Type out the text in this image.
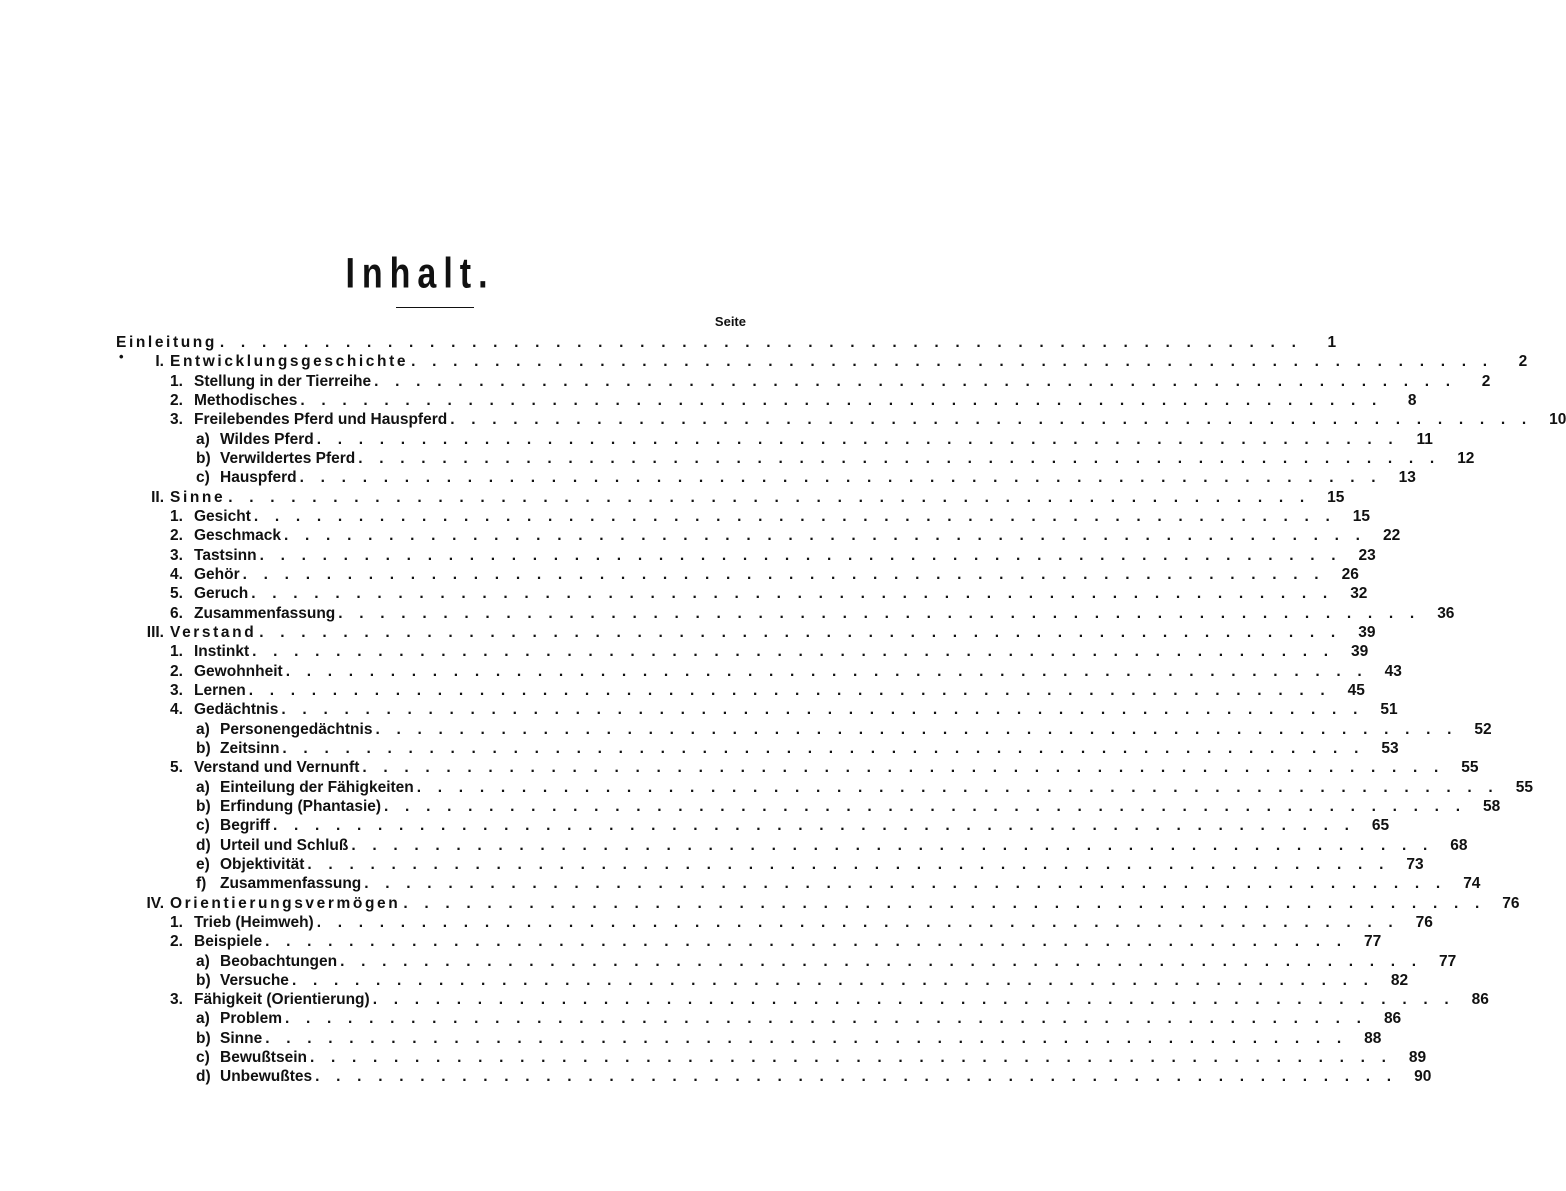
Inhalt.
Seite
•
Einleitung . . . . . . . . . . . . . . . . . . . . . . . . . . . . . . . . . . . . . . . . . . . . . . . . . . . .	1
I. Entwicklungsgeschichte . . . . . . . . . . . . . . . . . . . . . . . . . . . . . . . . . . . . . . . . . . . . . . . . . . . .	2
1. Stellung in der Tierreihe . . . . . . . . . . . . . . . . . . . . . . . . . . . . . . . . . . . . . . . . . . . . . . . . . . . .	2
2. Methodisches . . . . . . . . . . . . . . . . . . . . . . . . . . . . . . . . . . . . . . . . . . . . . . . . . . . .	8
3. Freilebendes Pferd und Hauspferd . . . . . . . . . . . . . . . . . . . . . . . . . . . . . . . . . . . . . . . . . . . . . . . . . . . .	10
a) Wildes Pferd . . . . . . . . . . . . . . . . . . . . . . . . . . . . . . . . . . . . . . . . . . . . . . . . . . . .	11
b) Verwildertes Pferd . . . . . . . . . . . . . . . . . . . . . . . . . . . . . . . . . . . . . . . . . . . . . . . . . . . .	12
c) Hauspferd . . . . . . . . . . . . . . . . . . . . . . . . . . . . . . . . . . . . . . . . . . . . . . . . . . . .	13
II. Sinne . . . . . . . . . . . . . . . . . . . . . . . . . . . . . . . . . . . . . . . . . . . . . . . . . . . .	15
1. Gesicht . . . . . . . . . . . . . . . . . . . . . . . . . . . . . . . . . . . . . . . . . . . . . . . . . . . .	15
2. Geschmack . . . . . . . . . . . . . . . . . . . . . . . . . . . . . . . . . . . . . . . . . . . . . . . . . . . .	22
3. Tastsinn . . . . . . . . . . . . . . . . . . . . . . . . . . . . . . . . . . . . . . . . . . . . . . . . . . . .	23
4. Gehör . . . . . . . . . . . . . . . . . . . . . . . . . . . . . . . . . . . . . . . . . . . . . . . . . . . .	26
5. Geruch . . . . . . . . . . . . . . . . . . . . . . . . . . . . . . . . . . . . . . . . . . . . . . . . . . . .	32
6. Zusammenfassung . . . . . . . . . . . . . . . . . . . . . . . . . . . . . . . . . . . . . . . . . . . . . . . . . . . .	36
III. Verstand . . . . . . . . . . . . . . . . . . . . . . . . . . . . . . . . . . . . . . . . . . . . . . . . . . . .	39
1. Instinkt . . . . . . . . . . . . . . . . . . . . . . . . . . . . . . . . . . . . . . . . . . . . . . . . . . . .	39
2. Gewohnheit . . . . . . . . . . . . . . . . . . . . . . . . . . . . . . . . . . . . . . . . . . . . . . . . . . . .	43
3. Lernen . . . . . . . . . . . . . . . . . . . . . . . . . . . . . . . . . . . . . . . . . . . . . . . . . . . .	45
4. Gedächtnis . . . . . . . . . . . . . . . . . . . . . . . . . . . . . . . . . . . . . . . . . . . . . . . . . . . .	51
a) Personengedächtnis . . . . . . . . . . . . . . . . . . . . . . . . . . . . . . . . . . . . . . . . . . . . . . . . . . . .	52
b) Zeitsinn . . . . . . . . . . . . . . . . . . . . . . . . . . . . . . . . . . . . . . . . . . . . . . . . . . . .	53
5. Verstand und Vernunft . . . . . . . . . . . . . . . . . . . . . . . . . . . . . . . . . . . . . . . . . . . . . . . . . . . .	55
a) Einteilung der Fähigkeiten . . . . . . . . . . . . . . . . . . . . . . . . . . . . . . . . . . . . . . . . . . . . . . . . . . . .	55
b) Erfindung (Phantasie) . . . . . . . . . . . . . . . . . . . . . . . . . . . . . . . . . . . . . . . . . . . . . . . . . . . .	58
c) Begriff . . . . . . . . . . . . . . . . . . . . . . . . . . . . . . . . . . . . . . . . . . . . . . . . . . . .	65
d) Urteil und Schluß . . . . . . . . . . . . . . . . . . . . . . . . . . . . . . . . . . . . . . . . . . . . . . . . . . . .	68
e) Objektivität . . . . . . . . . . . . . . . . . . . . . . . . . . . . . . . . . . . . . . . . . . . . . . . . . . . .	73
f) Zusammenfassung . . . . . . . . . . . . . . . . . . . . . . . . . . . . . . . . . . . . . . . . . . . . . . . . . . . .	74
IV. Orientierungsvermögen . . . . . . . . . . . . . . . . . . . . . . . . . . . . . . . . . . . . . . . . . . . . . . . . . . . .	76
1. Trieb (Heimweh) . . . . . . . . . . . . . . . . . . . . . . . . . . . . . . . . . . . . . . . . . . . . . . . . . . . .	76
2. Beispiele . . . . . . . . . . . . . . . . . . . . . . . . . . . . . . . . . . . . . . . . . . . . . . . . . . . .	77
a) Beobachtungen . . . . . . . . . . . . . . . . . . . . . . . . . . . . . . . . . . . . . . . . . . . . . . . . . . . .	77
b) Versuche . . . . . . . . . . . . . . . . . . . . . . . . . . . . . . . . . . . . . . . . . . . . . . . . . . . .	82
3. Fähigkeit (Orientierung) . . . . . . . . . . . . . . . . . . . . . . . . . . . . . . . . . . . . . . . . . . . . . . . . . . . .	86
a) Problem . . . . . . . . . . . . . . . . . . . . . . . . . . . . . . . . . . . . . . . . . . . . . . . . . . . .	86
b) Sinne . . . . . . . . . . . . . . . . . . . . . . . . . . . . . . . . . . . . . . . . . . . . . . . . . . . .	88
c) Bewußtsein . . . . . . . . . . . . . . . . . . . . . . . . . . . . . . . . . . . . . . . . . . . . . . . . . . . .	89
d) Unbewußtes . . . . . . . . . . . . . . . . . . . . . . . . . . . . . . . . . . . . . . . . . . . . . . . . . . . .	90
